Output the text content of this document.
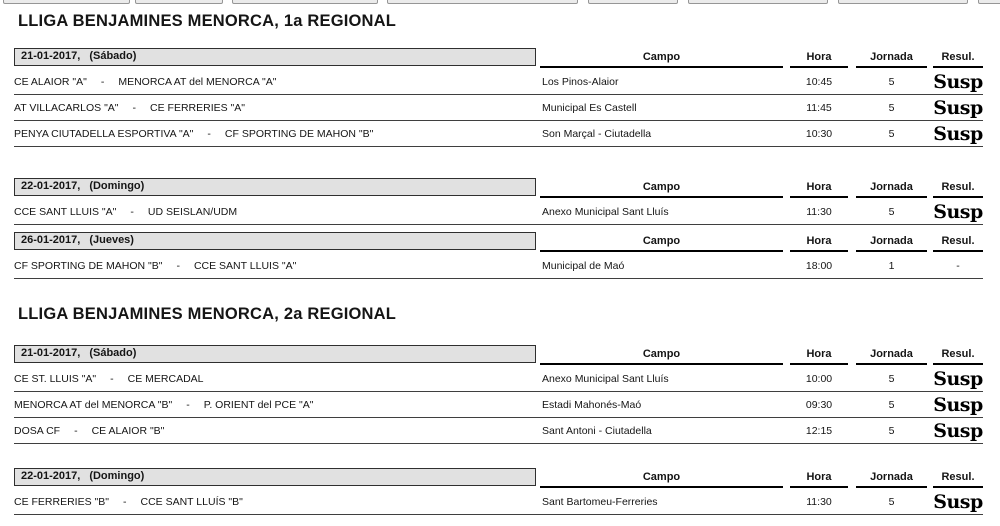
LLIGA BENJAMINES MENORCA, 1a REGIONAL
21-01-2017, (Sábado)	Campo	Hora	Jornada	Resul.
CE ALAIOR "A" - MENORCA AT del MENORCA "A"	Los Pinos-Alaior	10:45	5	Susp
AT VILLACARLOS "A" - CE FERRERIES "A"	Municipal Es Castell	11:45	5	Susp
PENYA CIUTADELLA ESPORTIVA "A" - CF SPORTING DE MAHON "B"	Son Marçal - Ciutadella	10:30	5	Susp
22-01-2017, (Domingo)	Campo	Hora	Jornada	Resul.
CCE SANT LLUIS "A" - UD SEISLAN/UDM	Anexo Municipal Sant Lluís	11:30	5	Susp
26-01-2017, (Jueves)	Campo	Hora	Jornada	Resul.
CF SPORTING DE MAHON "B" - CCE SANT LLUIS "A"	Municipal de Maó	18:00	1	-
LLIGA BENJAMINES MENORCA, 2a REGIONAL
21-01-2017, (Sábado)	Campo	Hora	Jornada	Resul.
CE ST. LLUIS "A" - CE MERCADAL	Anexo Municipal Sant Lluís	10:00	5	Susp
MENORCA AT del MENORCA "B" - P. ORIENT del PCE "A"	Estadi Mahonés-Maó	09:30	5	Susp
DOSA CF - CE ALAIOR "B"	Sant Antoni - Ciutadella	12:15	5	Susp
22-01-2017, (Domingo)	Campo	Hora	Jornada	Resul.
CE FERRERIES "B" - CCE SANT LLUÍS "B"	Sant Bartomeu-Ferreries	11:30	5	Susp
